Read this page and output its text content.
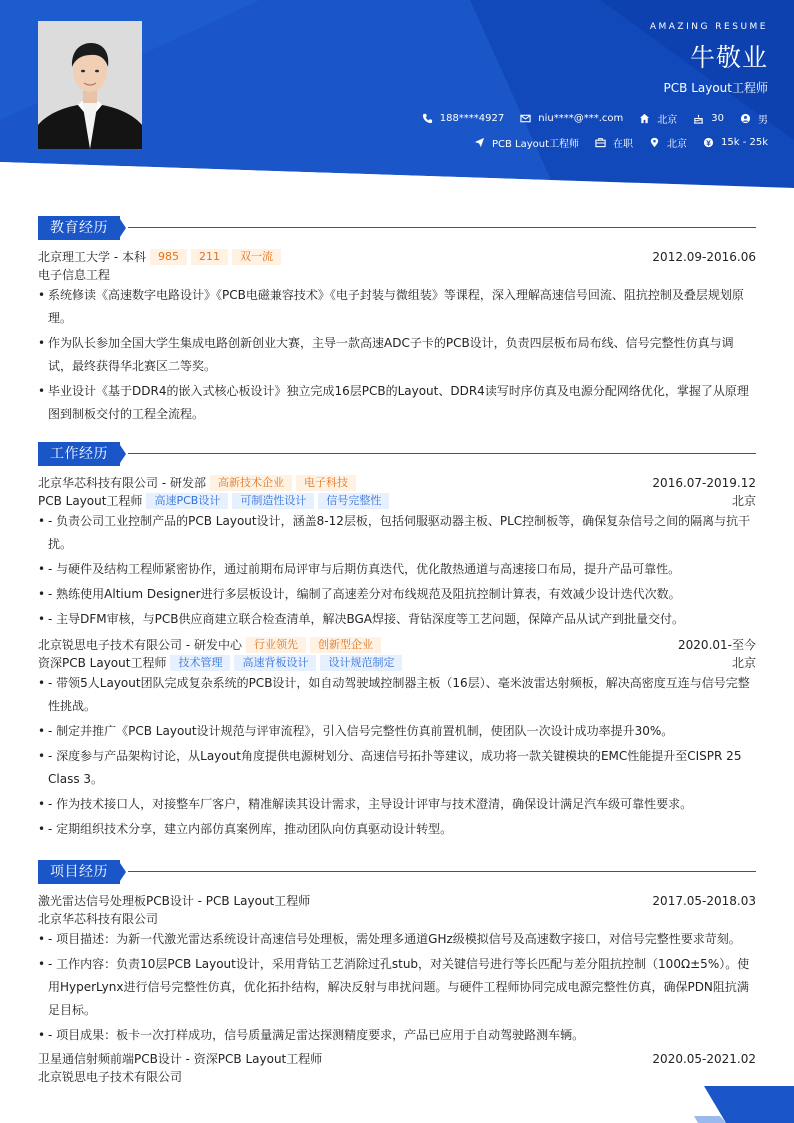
AMAZING RESUME
牛敬业
PCB Layout工程师
188****4927	niu****@***.com	北京	30	男
PCB Layout工程师	在职	北京	15k - 25k
教育经历
北京理工大学 - 本科	985	211	双一流	2012.09-2016.06
电子信息工程
• 系统修读《高速数字电路设计》《PCB电磁兼容技术》《电子封装与微组装》等课程，深入理解高速信号回流、阻抗控制及叠层规划原理。
• 作为队长参加全国大学生集成电路创新创业大赛，主导一款高速ADC子卡的PCB设计，负责四层板布局布线、信号完整性仿真与调试，最终获得华北赛区二等奖。
• 毕业设计《基于DDR4的嵌入式核心板设计》独立完成16层PCB的Layout、DDR4读写时序仿真及电源分配网络优化，掌握了从原理图到制板交付的工程全流程。
工作经历
北京华芯科技有限公司 - 研发部	高新技术企业	电子科技	2016.07-2019.12
PCB Layout工程师	高速PCB设计	可制造性设计	信号完整性	北京
• - 负责公司工业控制产品的PCB Layout设计，涵盖8-12层板，包括伺服驱动器主板、PLC控制板等，确保复杂信号之间的隔离与抗干扰。
• - 与硬件及结构工程师紧密协作，通过前期布局评审与后期仿真迭代，优化散热通道与高速接口布局，提升产品可靠性。
• - 熟练使用Altium Designer进行多层板设计，编制了高速差分对布线规范及阻抗控制计算表，有效减少设计迭代次数。
• - 主导DFM审核，与PCB供应商建立联合检查清单，解决BGA焊接、背钻深度等工艺问题，保障产品从试产到批量交付。
北京锐思电子技术有限公司 - 研发中心	行业领先	创新型企业	2020.01-至今
资深PCB Layout工程师	技术管理	高速背板设计	设计规范制定	北京
• - 带领5人Layout团队完成复杂系统的PCB设计，如自动驾驶域控制器主板（16层）、毫米波雷达射频板，解决高密度互连与信号完整性挑战。
• - 制定并推广《PCB Layout设计规范与评审流程》，引入信号完整性仿真前置机制，使团队一次设计成功率提升30%。
• - 深度参与产品架构讨论，从Layout角度提供电源树划分、高速信号拓扑等建议，成功将一款关键模块的EMC性能提升至CISPR 25 Class 3。
• - 作为技术接口人，对接整车厂客户，精准解读其设计需求，主导设计评审与技术澄清，确保设计满足汽车级可靠性要求。
• - 定期组织技术分享，建立内部仿真案例库，推动团队向仿真驱动设计转型。
项目经历
激光雷达信号处理板PCB设计 - PCB Layout工程师	2017.05-2018.03
北京华芯科技有限公司
• - 项目描述：为新一代激光雷达系统设计高速信号处理板，需处理多通道GHz级模拟信号及高速数字接口，对信号完整性要求苛刻。
• - 工作内容：负责10层PCB Layout设计，采用背钻工艺消除过孔stub，对关键信号进行等长匹配与差分阻抗控制（100Ω±5%）。使用HyperLynx进行信号完整性仿真，优化拓扑结构，解决反射与串扰问题。与硬件工程师协同完成电源完整性仿真，确保PDN阻抗满足目标。
• - 项目成果：板卡一次打样成功，信号质量满足雷达探测精度要求，产品已应用于自动驾驶路测车辆。
卫星通信射频前端PCB设计 - 资深PCB Layout工程师	2020.05-2021.02
北京锐思电子技术有限公司
